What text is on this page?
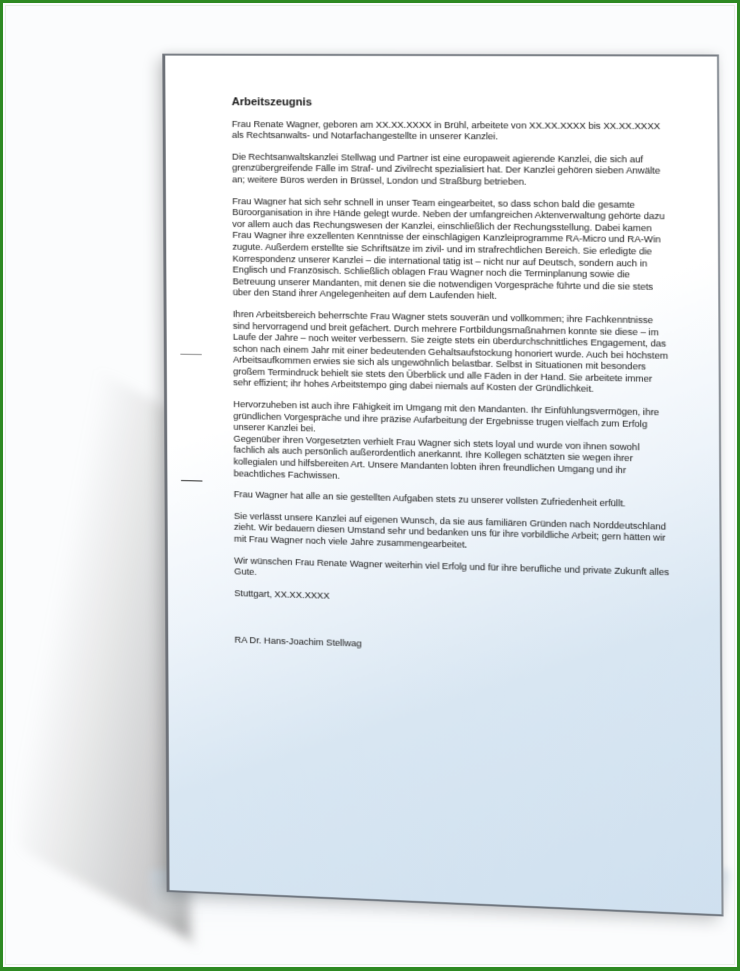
Arbeitszeugnis

Frau Renate Wagner, geboren am XX.XX.XXXX in Brühl, arbeitete von XX.XX.XXXX bis XX.XX.XXXX als Rechtsanwalts- und Notarfachangestellte in unserer Kanzlei.

Die Rechtsanwaltskanzlei Stellwag und Partner ist eine europaweit agierende Kanzlei, die sich auf grenzübergreifende Fälle im Straf- und Zivilrecht spezialisiert hat. Der Kanzlei gehören sieben Anwälte an; weitere Büros werden in Brüssel, London und Straßburg betrieben.

Frau Wagner hat sich sehr schnell in unser Team eingearbeitet, so dass schon bald die gesamte Büroorganisation in ihre Hände gelegt wurde. Neben der umfangreichen Aktenverwaltung gehörte dazu vor allem auch das Rechungswesen der Kanzlei, einschließlich der Rechungsstellung. Dabei kamen Frau Wagner ihre exzellenten Kenntnisse der einschlägigen Kanzleiprogramme RA-Micro und RA-Win zugute. Außerdem erstellte sie Schriftsätze im zivil- und im strafrechtlichen Bereich. Sie erledigte die Korrespondenz unserer Kanzlei – die international tätig ist – nicht nur auf Deutsch, sondern auch in Englisch und Französisch. Schließlich oblagen Frau Wagner noch die Terminplanung sowie die Betreuung unserer Mandanten, mit denen sie die notwendigen Vorgespräche führte und die sie stets über den Stand ihrer Angelegenheiten auf dem Laufenden hielt.

Ihren Arbeitsbereich beherrschte Frau Wagner stets souverän und vollkommen; ihre Fachkenntnisse sind hervorragend und breit gefächert. Durch mehrere Fortbildungsmaßnahmen konnte sie diese – im Laufe der Jahre – noch weiter verbessern. Sie zeigte stets ein überdurchschnittliches Engagement, das schon nach einem Jahr mit einer bedeutenden Gehaltsaufstockung honoriert wurde. Auch bei höchstem Arbeitsaufkommen erwies sie sich als ungewöhnlich belastbar. Selbst in Situationen mit besonders großem Termindruck behielt sie stets den Überblick und alle Fäden in der Hand. Sie arbeitete immer sehr effizient; ihr hohes Arbeitstempo ging dabei niemals auf Kosten der Gründlichkeit.

Hervorzuheben ist auch ihre Fähigkeit im Umgang mit den Mandanten. Ihr Einfühlungsvermögen, ihre gründlichen Vorgespräche und ihre präzise Aufarbeitung der Ergebnisse trugen vielfach zum Erfolg unserer Kanzlei bei.

Gegenüber ihren Vorgesetzten verhielt Frau Wagner sich stets loyal und wurde von ihnen sowohl fachlich als auch persönlich außerordentlich anerkannt. Ihre Kollegen schätzten sie wegen ihrer kollegialen und hilfsbereiten Art. Unsere Mandanten lobten ihren freundlichen Umgang und ihr beachtliches Fachwissen.

Frau Wagner hat alle an sie gestellten Aufgaben stets zu unserer vollsten Zufriedenheit erfüllt.

Sie verlässt unsere Kanzlei auf eigenen Wunsch, da sie aus familiären Gründen nach Norddeutschland zieht. Wir bedauern diesen Umstand sehr und bedanken uns für ihre vorbildliche Arbeit; gern hätten wir mit Frau Wagner noch viele Jahre zusammengearbeitet.

Wir wünschen Frau Renate Wagner weiterhin viel Erfolg und für ihre berufliche und private Zukunft alles Gute.

Stuttgart, XX.XX.XXXX

RA Dr. Hans-Joachim Stellwag
